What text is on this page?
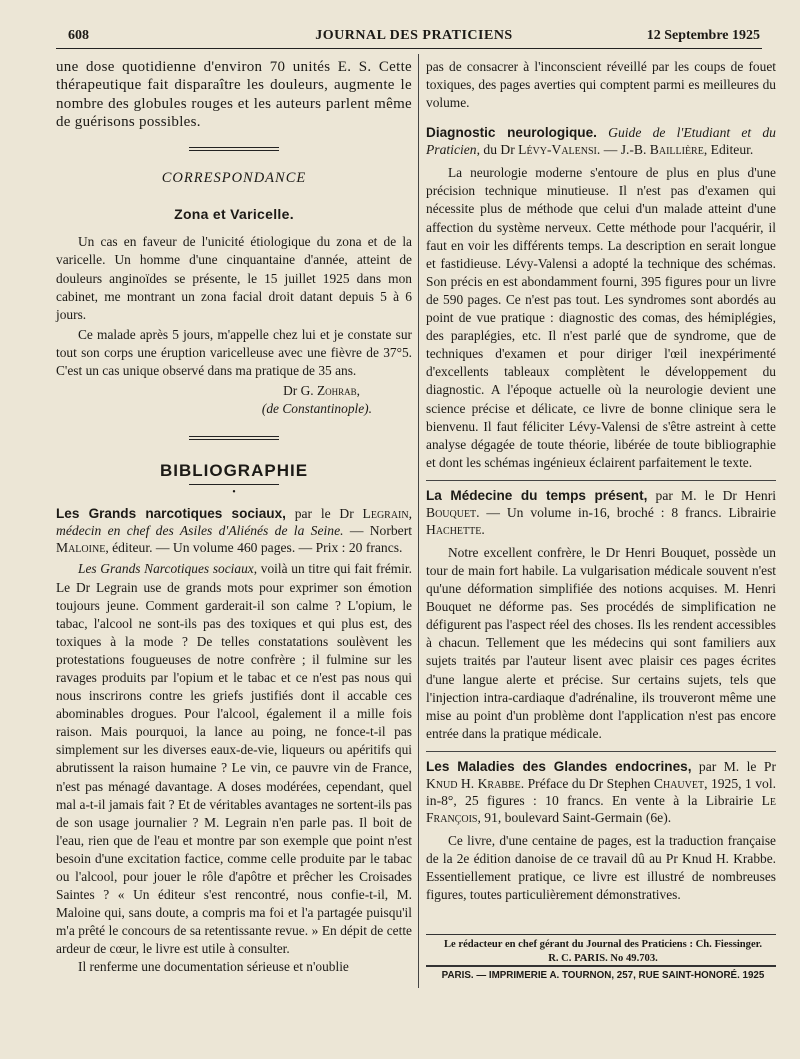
608	JOURNAL DES PRATICIENS	12 Septembre 1925

une dose quotidienne d'environ 70 unités E. S. Cette thérapeutique fait disparaître les douleurs, augmente le nombre des globules rouges et les auteurs parlent même de guérisons possibles.

CORRESPONDANCE
Zona et Varicelle.

Un cas en faveur de l'unicité étiologique du zona et de la varicelle. Un homme d'une cinquantaine d'année, atteint de douleurs anginoïdes se présente, le 15 juillet 1925 dans mon cabinet, me montrant un zona facial droit datant depuis 5 à 6 jours.

Ce malade après 5 jours, m'appelle chez lui et je constate sur tout son corps une éruption varicelleuse avec une fièvre de 37°5. C'est un cas unique observé dans ma pratique de 35 ans.

Dr G. Zohrab,

(de Constantinople).

BIBLIOGRAPHIE
•
Les Grands narcotiques sociaux, par le Dr Legrain, médecin en chef des Asiles d'Aliénés de la Seine. — Norbert Maloine, éditeur. — Un volume 460 pages. — Prix : 20 francs.

Les Grands Narcotiques sociaux, voilà un titre qui fait frémir. Le Dr Legrain use de grands mots pour exprimer son émotion toujours jeune. Comment garderait-il son calme ? L'opium, le tabac, l'alcool ne sont-ils pas des toxiques et qui plus est, des toxiques à la mode ? De telles constatations soulèvent les protestations fougueuses de notre confrère ; il fulmine sur les ravages produits par l'opium et le tabac et ce n'est pas nous qui nous inscrirons contre les griefs justifiés dont il accable ces abominables drogues. Pour l'alcool, également il a mille fois raison. Mais pourquoi, la lance au poing, ne fonce-t-il pas simplement sur les diverses eaux-de-vie, liqueurs ou apéritifs qui abrutissent la raison humaine ? Le vin, ce pauvre vin de France, n'est pas ménagé davantage. A doses modérées, cependant, quel mal a-t-il jamais fait ? Et de véritables avantages ne sortent-ils pas de son usage journalier ? M. Legrain n'en parle pas. Il boit de l'eau, rien que de l'eau et montre par son exemple que point n'est besoin d'une excitation factice, comme celle produite par le tabac ou l'alcool, pour jouer le rôle d'apôtre et prêcher les Croisades Saintes ? « Un éditeur s'est rencontré, nous confie-t-il, M. Maloine qui, sans doute, a compris ma foi et l'a partagée puisqu'il m'a prêté le concours de sa retentissante revue. » En dépit de cette ardeur de cœur, le livre est utile à consulter.

Il renferme une documentation sérieuse et n'oublie

pas de consacrer à l'inconscient réveillé par les coups de fouet toxiques, des pages averties qui comptent parmi es meilleures du volume.

Diagnostic neurologique. Guide de l'Etudiant et du Praticien, du Dr Lévy-Valensi. — J.-B. Baillière, Editeur.

La neurologie moderne s'entoure de plus en plus d'une précision technique minutieuse. Il n'est pas d'examen qui nécessite plus de méthode que celui d'un malade atteint d'une affection du système nerveux. Cette méthode pour l'acquérir, il faut en voir les différents temps. La description en serait longue et fastidieuse. Lévy-Valensi a adopté la technique des schémas. Son précis en est abondamment fourni, 395 figures pour un livre de 590 pages. Ce n'est pas tout. Les syndromes sont abordés au point de vue pratique : diagnostic des comas, des hémiplégies, des paraplégies, etc. Il n'est parlé que de syndrome, que de techniques d'examen et pour diriger l'œil inexpérimenté d'excellents tableaux complètent le développement du diagnostic. A l'époque actuelle où la neurologie devient une science précise et délicate, ce livre de bonne clinique sera le bienvenu. Il faut féliciter Lévy-Valensi de s'être astreint à cette analyse dégagée de toute théorie, libérée de toute bibliographie et dont les schémas ingénieux éclairent parfaitement le texte.

La Médecine du temps présent, par M. le Dr Henri Bouquet. — Un volume in-16, broché : 8 francs. Librairie Hachette.

Notre excellent confrère, le Dr Henri Bouquet, possède un tour de main fort habile. La vulgarisation médicale souvent n'est qu'une déformation simplifiée des notions acquises. M. Henri Bouquet ne déforme pas. Ses procédés de simplification ne défigurent pas l'aspect réel des choses. Ils les rendent accessibles à chacun. Tellement que les médecins qui sont familiers aux sujets traités par l'auteur lisent avec plaisir ces pages écrites d'une langue alerte et précise. Sur certains sujets, tels que l'injection intra-cardiaque d'adrénaline, ils trouveront même une mise au point d'un problème dont l'application n'est pas encore entrée dans la pratique médicale.

Les Maladies des Glandes endocrines, par M. le Pr Knud H. Krabbe. Préface du Dr Stephen Chauvet, 1925, 1 vol. in-8°, 25 figures : 10 francs. En vente à la Librairie Le François, 91, boulevard Saint-Germain (6e).

Ce livre, d'une centaine de pages, est la traduction française de la 2e édition danoise de ce travail dû au Pr Knud H. Krabbe. Essentiellement pratique, ce livre est illustré de nombreuses figures, toutes particulièrement démonstratives.

Le rédacteur en chef gérant du Journal des Praticiens : Ch. Fiessinger.
R. C. PARIS. No 49.703.
PARIS. — IMPRIMERIE A. TOURNON, 257, RUE SAINT-HONORÉ. 1925
